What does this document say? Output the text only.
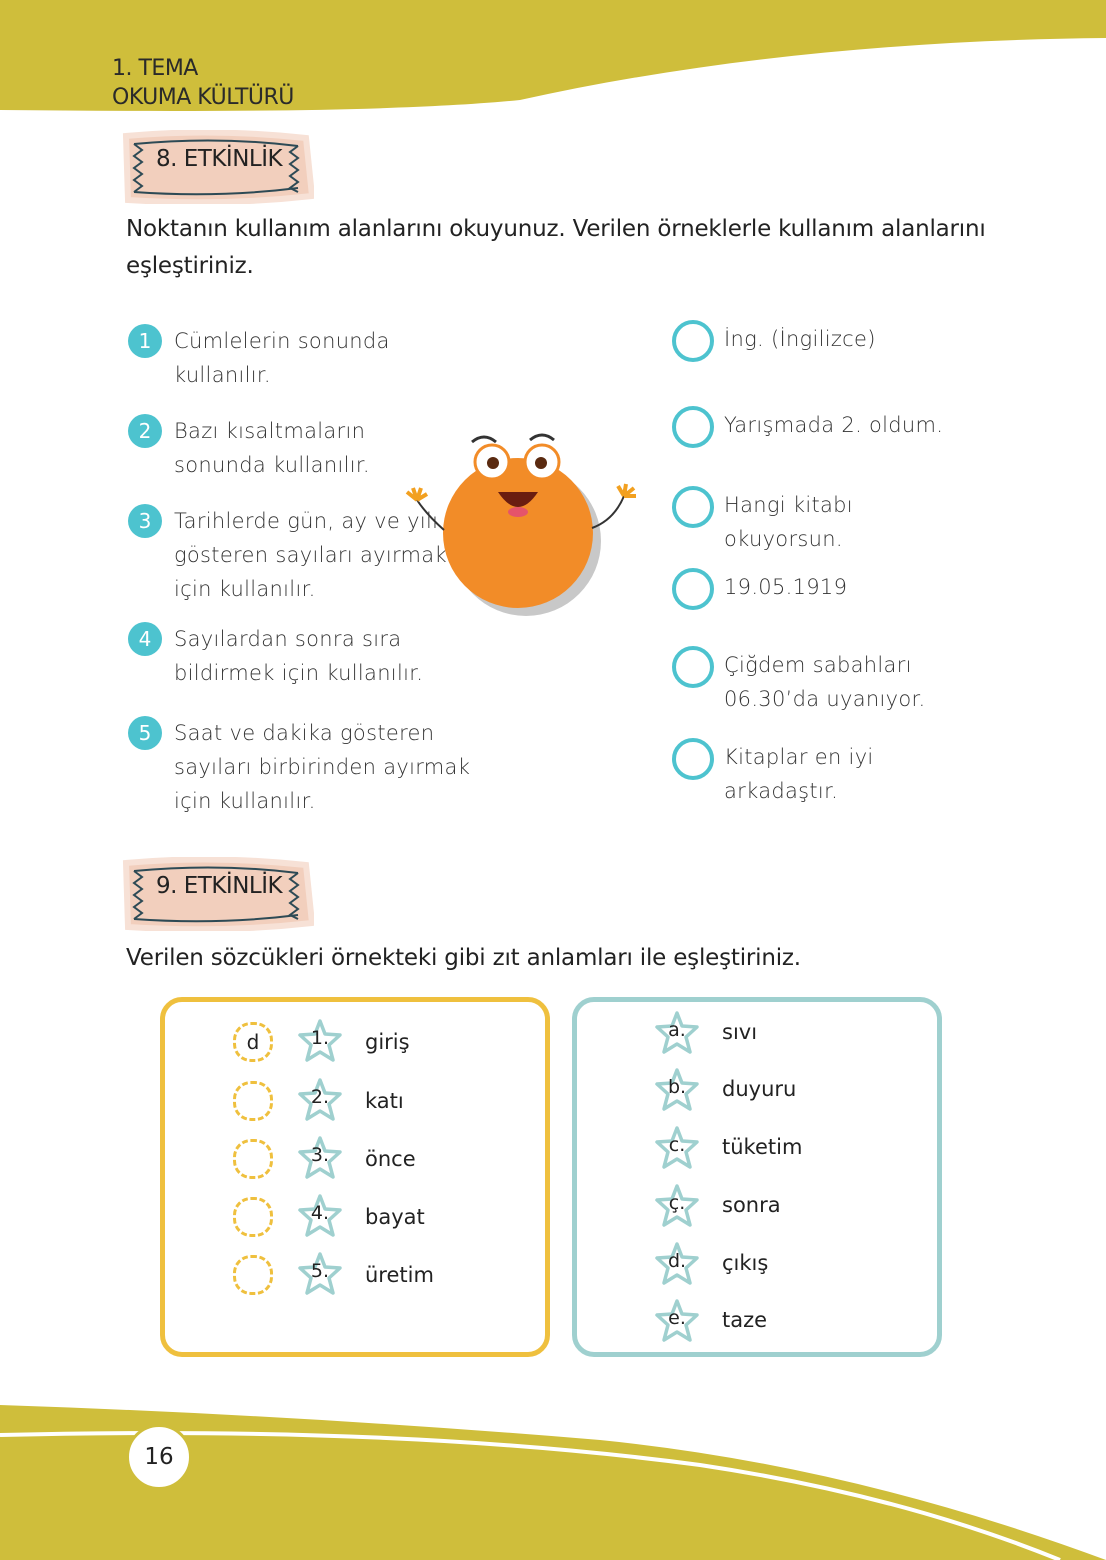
1. TEMA
OKUMA KÜLTÜRÜ
8. ETKİNLİK
Noktanın kullanım alanlarını okuyunuz. Verilen örneklerle kullanım alanlarını eşleştiriniz.
1	Cümlelerin sonunda kullanılır.
2	Bazı kısaltmaların sonunda kullanılır.
3	Tarihlerde gün, ay ve yılı gösteren sayıları ayırmak için kullanılır.
4	Sayılardan sonra sıra bildirmek için kullanılır.
5	Saat ve dakika gösteren sayıları birbirinden ayırmak için kullanılır.
İng. (İngilizce)
Yarışmada 2. oldum.
Hangi kitabı okuyorsun.
19.05.1919
Çiğdem sabahları 06.30’da uyanıyor.
Kitaplar en iyi arkadaştır.
9. ETKİNLİK
Verilen sözcükleri örnekteki gibi zıt anlamları ile eşleştiriniz.
d	1.	giriş
2.	katı
3.	önce
4.	bayat
5.	üretim
a.	sıvı
b.	duyuru
c.	tüketim
ç.	sonra
d.	çıkış
e.	taze
16
